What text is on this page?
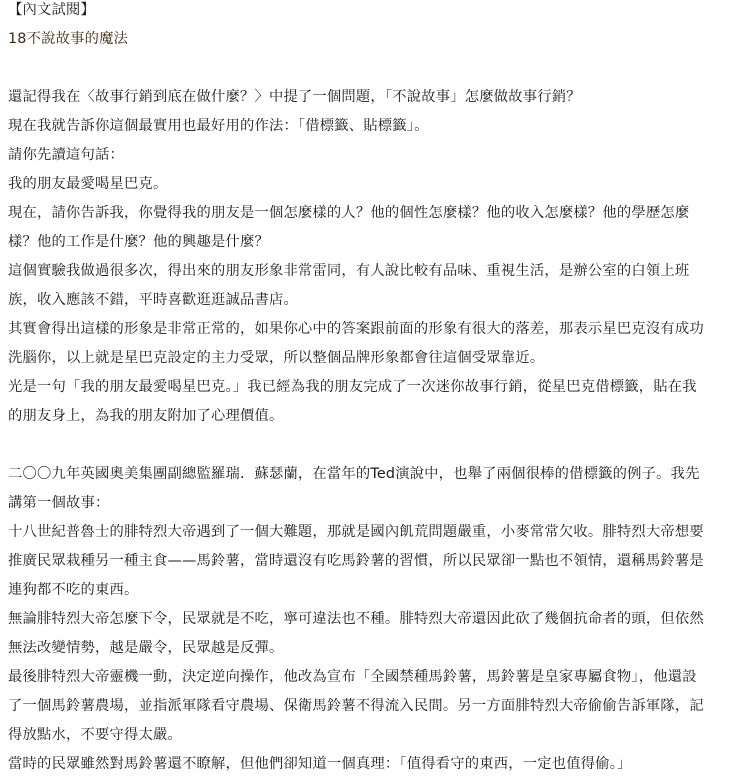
【內文試閱】
18不說故事的魔法
還記得我在〈故事行銷到底在做什麼？〉中提了一個問題，「不說故事」怎麼做故事行銷？
現在我就告訴你這個最實用也最好用的作法：「借標籤、貼標籤」。
請你先讀這句話：
我的朋友最愛喝星巴克。
現在，請你告訴我，你覺得我的朋友是一個怎麼樣的人？他的個性怎麼樣？他的收入怎麼樣？他的學歷怎麼
樣？他的工作是什麼？他的興趣是什麼？
這個實驗我做過很多次，得出來的朋友形象非常雷同，有人說比較有品味、重視生活，是辦公室的白領上班
族，收入應該不錯，平時喜歡逛逛誠品書店。
其實會得出這樣的形象是非常正常的，如果你心中的答案跟前面的形象有很大的落差，那表示星巴克沒有成功
洗腦你，以上就是星巴克設定的主力受眾，所以整個品牌形象都會往這個受眾靠近。
光是一句「我的朋友最愛喝星巴克。」我已經為我的朋友完成了一次迷你故事行銷，從星巴克借標籤，貼在我
的朋友身上，為我的朋友附加了心理價值。
二〇〇九年英國奧美集團副總監羅瑞．蘇瑟蘭，在當年的Ted演說中，也舉了兩個很棒的借標籤的例子。我先
講第一個故事：
十八世紀普魯士的腓特烈大帝遇到了一個大難題，那就是國內飢荒問題嚴重，小麥常常欠收。腓特烈大帝想要
推廣民眾栽種另一種主食——馬鈴薯，當時還沒有吃馬鈴薯的習慣，所以民眾卻一點也不領情，還稱馬鈴薯是
連狗都不吃的東西。
無論腓特烈大帝怎麼下令，民眾就是不吃，寧可違法也不種。腓特烈大帝還因此砍了幾個抗命者的頭，但依然
無法改變情勢，越是嚴令，民眾越是反彈。
最後腓特烈大帝靈機一動，決定逆向操作，他改為宣布「全國禁種馬鈴薯，馬鈴薯是皇家專屬食物」，他還設
了一個馬鈴薯農場，並指派軍隊看守農場、保衛馬鈴薯不得流入民間。另一方面腓特烈大帝偷偷告訴軍隊，記
得放點水，不要守得太嚴。
當時的民眾雖然對馬鈴薯還不瞭解，但他們卻知道一個真理：「值得看守的東西，一定也值得偷。」
